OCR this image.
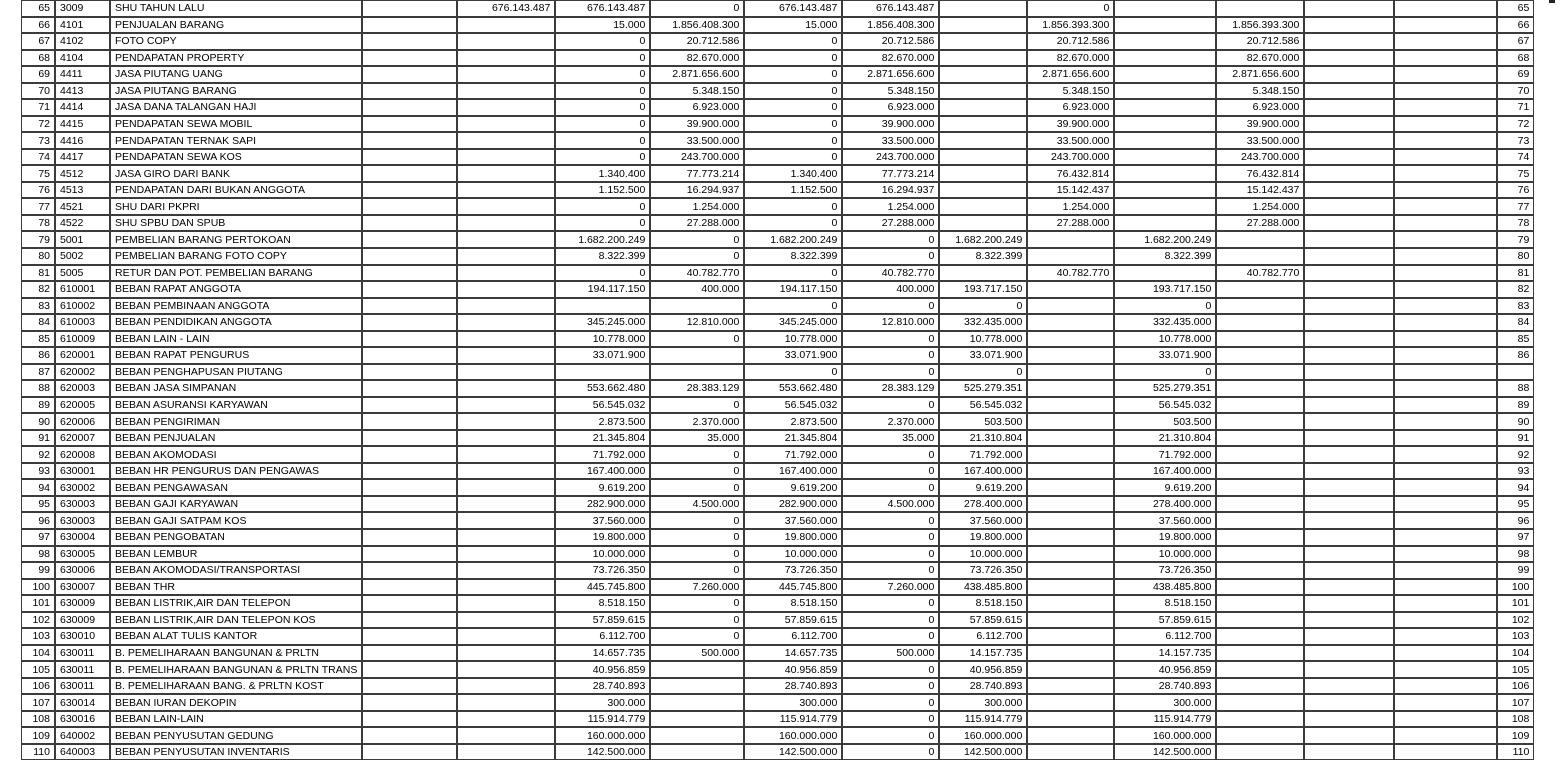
65	3009	SHU TAHUN LALU		676.143.487	676.143.487	0	676.143.487	676.143.487		0					65
66	4101	PENJUALAN BARANG			15.000	1.856.408.300	15.000	1.856.408.300		1.856.393.300		1.856.393.300			66
67	4102	FOTO COPY			0	20.712.586	0	20.712.586		20.712.586		20.712.586			67
68	4104	PENDAPATAN PROPERTY			0	82.670.000	0	82.670.000		82.670.000		82.670.000			68
69	4411	JASA PIUTANG UANG			0	2.871.656.600	0	2.871.656.600		2.871.656.600		2.871.656.600			69
70	4413	JASA PIUTANG BARANG			0	5.348.150	0	5.348.150		5.348.150		5.348.150			70
71	4414	JASA DANA TALANGAN HAJI			0	6.923.000	0	6.923.000		6.923.000		6.923.000			71
72	4415	PENDAPATAN SEWA MOBIL			0	39.900.000	0	39.900.000		39.900.000		39.900.000			72
73	4416	PENDAPATAN TERNAK SAPI			0	33.500.000	0	33.500.000		33.500.000		33.500.000			73
74	4417	PENDAPATAN SEWA KOS			0	243.700.000	0	243.700.000		243.700.000		243.700.000			74
75	4512	JASA GIRO DARI BANK			1.340.400	77.773.214	1.340.400	77.773.214		76.432.814		76.432.814			75
76	4513	PENDAPATAN DARI BUKAN ANGGOTA			1.152.500	16.294.937	1.152.500	16.294.937		15.142.437		15.142.437			76
77	4521	SHU DARI PKPRI			0	1.254.000	0	1.254.000		1.254.000		1.254.000			77
78	4522	SHU SPBU DAN SPUB			0	27.288.000	0	27.288.000		27.288.000		27.288.000			78
79	5001	PEMBELIAN BARANG PERTOKOAN			1.682.200.249	0	1.682.200.249	0	1.682.200.249		1.682.200.249				79
80	5002	PEMBELIAN BARANG FOTO COPY			8.322.399	0	8.322.399	0	8.322.399		8.322.399				80
81	5005	RETUR DAN POT. PEMBELIAN BARANG			0	40.782.770	0	40.782.770		40.782.770		40.782.770			81
82	610001	BEBAN RAPAT ANGGOTA			194.117.150	400.000	194.117.150	400.000	193.717.150		193.717.150				82
83	610002	BEBAN PEMBINAAN ANGGOTA					0	0	0		0				83
84	610003	BEBAN PENDIDIKAN ANGGOTA			345.245.000	12.810.000	345.245.000	12.810.000	332.435.000		332.435.000				84
85	610009	BEBAN LAIN - LAIN			10.778.000	0	10.778.000	0	10.778.000		10.778.000				85
86	620001	BEBAN RAPAT PENGURUS			33.071.900		33.071.900	0	33.071.900		33.071.900				86
87	620002	BEBAN PENGHAPUSAN PIUTANG					0	0	0		0				
88	620003	BEBAN JASA SIMPANAN			553.662.480	28.383.129	553.662.480	28.383.129	525.279.351		525.279.351				88
89	620005	BEBAN ASURANSI KARYAWAN			56.545.032	0	56.545.032	0	56.545.032		56.545.032				89
90	620006	BEBAN PENGIRIMAN			2.873.500	2.370.000	2.873.500	2.370.000	503.500		503.500				90
91	620007	BEBAN PENJUALAN			21.345.804	35.000	21.345.804	35.000	21.310.804		21.310.804				91
92	620008	BEBAN AKOMODASI			71.792.000	0	71.792.000	0	71.792.000		71.792.000				92
93	630001	BEBAN HR PENGURUS DAN PENGAWAS			167.400.000	0	167.400.000	0	167.400.000		167.400.000				93
94	630002	BEBAN PENGAWASAN			9.619.200	0	9.619.200	0	9.619.200		9.619.200				94
95	630003	BEBAN GAJI KARYAWAN			282.900.000	4.500.000	282.900.000	4.500.000	278.400.000		278.400.000				95
96	630003	BEBAN GAJI SATPAM KOS			37.560.000	0	37.560.000	0	37.560.000		37.560.000				96
97	630004	BEBAN PENGOBATAN			19.800.000	0	19.800.000	0	19.800.000		19.800.000				97
98	630005	BEBAN LEMBUR			10.000.000	0	10.000.000	0	10.000.000		10.000.000				98
99	630006	BEBAN AKOMODASI/TRANSPORTASI			73.726.350	0	73.726.350	0	73.726.350		73.726.350				99
100	630007	BEBAN THR			445.745.800	7.260.000	445.745.800	7.260.000	438.485.800		438.485.800				100
101	630009	BEBAN LISTRIK,AIR DAN TELEPON			8.518.150	0	8.518.150	0	8.518.150		8.518.150				101
102	630009	BEBAN LISTRIK,AIR DAN TELEPON KOS			57.859.615	0	57.859.615	0	57.859.615		57.859.615				102
103	630010	BEBAN ALAT TULIS KANTOR			6.112.700	0	6.112.700	0	6.112.700		6.112.700				103
104	630011	B. PEMELIHARAAN BANGUNAN & PRLTN			14.657.735	500.000	14.657.735	500.000	14.157.735		14.157.735				104
105	630011	B. PEMELIHARAAN BANGUNAN & PRLTN TRANS			40.956.859		40.956.859	0	40.956.859		40.956.859				105
106	630011	B. PEMELIHARAAN BANG. & PRLTN KOST			28.740.893		28.740.893	0	28.740.893		28.740.893				106
107	630014	BEBAN IURAN DEKOPIN			300.000		300.000	0	300.000		300.000				107
108	630016	BEBAN LAIN-LAIN			115.914.779		115.914.779	0	115.914.779		115.914.779				108
109	640002	BEBAN PENYUSUTAN GEDUNG			160.000.000		160.000.000	0	160.000.000		160.000.000				109
110	640003	BEBAN PENYUSUTAN INVENTARIS			142.500.000		142.500.000	0	142.500.000		142.500.000				110
